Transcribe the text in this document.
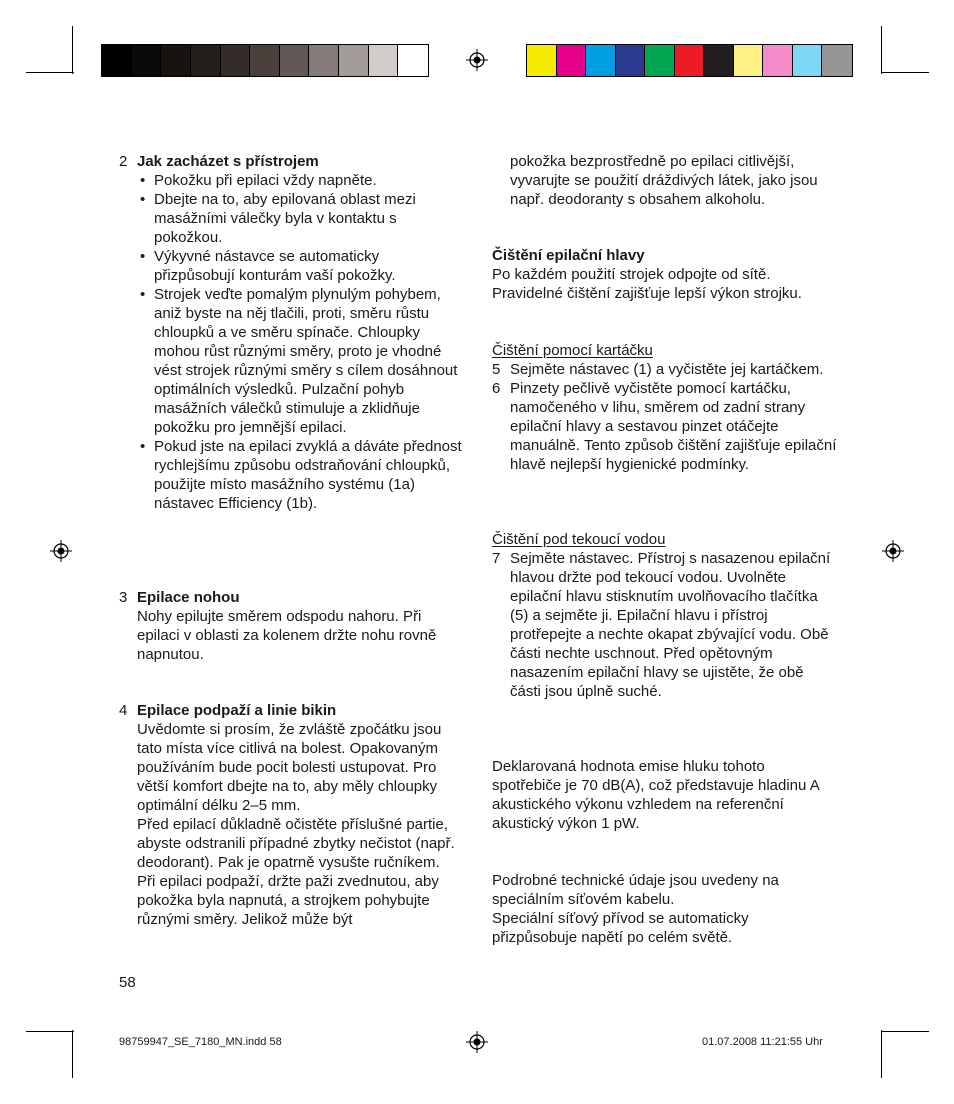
2 Jak zacházet s přístrojem

• Pokožku při epilaci vždy napněte.

• Dbejte na to, aby epilovaná oblast mezi masážními válečky byla v kontaktu s pokožkou.

• Výkyvné nástavce se automaticky přizpůsobují konturám vaší pokožky.

• Strojek veďte pomalým plynulým pohybem, aniž byste na něj tlačili, proti, směru růstu chloupků a ve směru spínače. Chloupky mohou růst různými směry, proto je vhodné vést strojek různými směry s cílem dosáhnout optimálních výsledků. Pulzační pohyb masážních válečků stimuluje a zklidňuje pokožku pro jemnější epilaci.

• Pokud jste na epilaci zvyklá a dáváte přednost rychlejšímu způsobu odstraňování chloupků, použijte místo masážního systému (1a) nástavec Efficiency (1b).

3 Epilace nohou

Nohy epilujte směrem odspodu nahoru. Při epilaci v oblasti za kolenem držte nohu rovně napnutou.

4 Epilace podpaží a linie bikin

Uvědomte si prosím, že zvláště zpočátku jsou tato místa více citlivá na bolest. Opakovaným používáním bude pocit bolesti ustupovat. Pro větší komfort dbejte na to, aby měly chloupky optimální délku 2–5 mm.

Před epilací důkladně očistěte příslušné partie, abyste odstranili případné zbytky nečistot (např. deodorant). Pak je opatrně vysušte ručníkem.

Při epilaci podpaží, držte paži zvednutou, aby pokožka byla napnutá, a strojkem pohybujte různými směry. Jelikož může být

58

pokožka bezprostředně po epilaci citlivější, vyvarujte se použití dráždivých látek, jako jsou např. deodoranty s obsahem alkoholu.

Čištění epilační hlavy

Po každém použití strojek odpojte od sítě. Pravidelné čištění zajišťuje lepší výkon strojku.

Čištění pomocí kartáčku

5 Sejměte nástavec (1) a vyčistěte jej kartáčkem.

6 Pinzety pečlivě vyčistěte pomocí kartáčku, namočeného v lihu, směrem od zadní strany epilační hlavy a sestavou pinzet otáčejte manuálně. Tento způsob čištění zajišťuje epilační hlavě nejlepší hygienické podmínky.

Čištění pod tekoucí vodou

7 Sejměte nástavec. Přístroj s nasazenou epilační hlavou držte pod tekoucí vodou. Uvolněte epilační hlavu stisknutím uvolňovacího tlačítka (5) a sejměte ji. Epilační hlavu i přístroj protřepejte a nechte okapat zbývající vodu. Obě části nechte uschnout. Před opětovným nasazením epilační hlavy se ujistěte, že obě části jsou úplně suché.

Deklarovaná hodnota emise hluku tohoto spotřebiče je 70 dB(A), což představuje hladinu A akustického výkonu vzhledem na referenční akustický výkon 1 pW.

Podrobné technické údaje jsou uvedeny na speciálním síťovém kabelu.

Speciální síťový přívod se automaticky přizpůsobuje napětí po celém světě.

98759947_SE_7180_MN.indd 58	01.07.2008 11:21:55 Uhr
